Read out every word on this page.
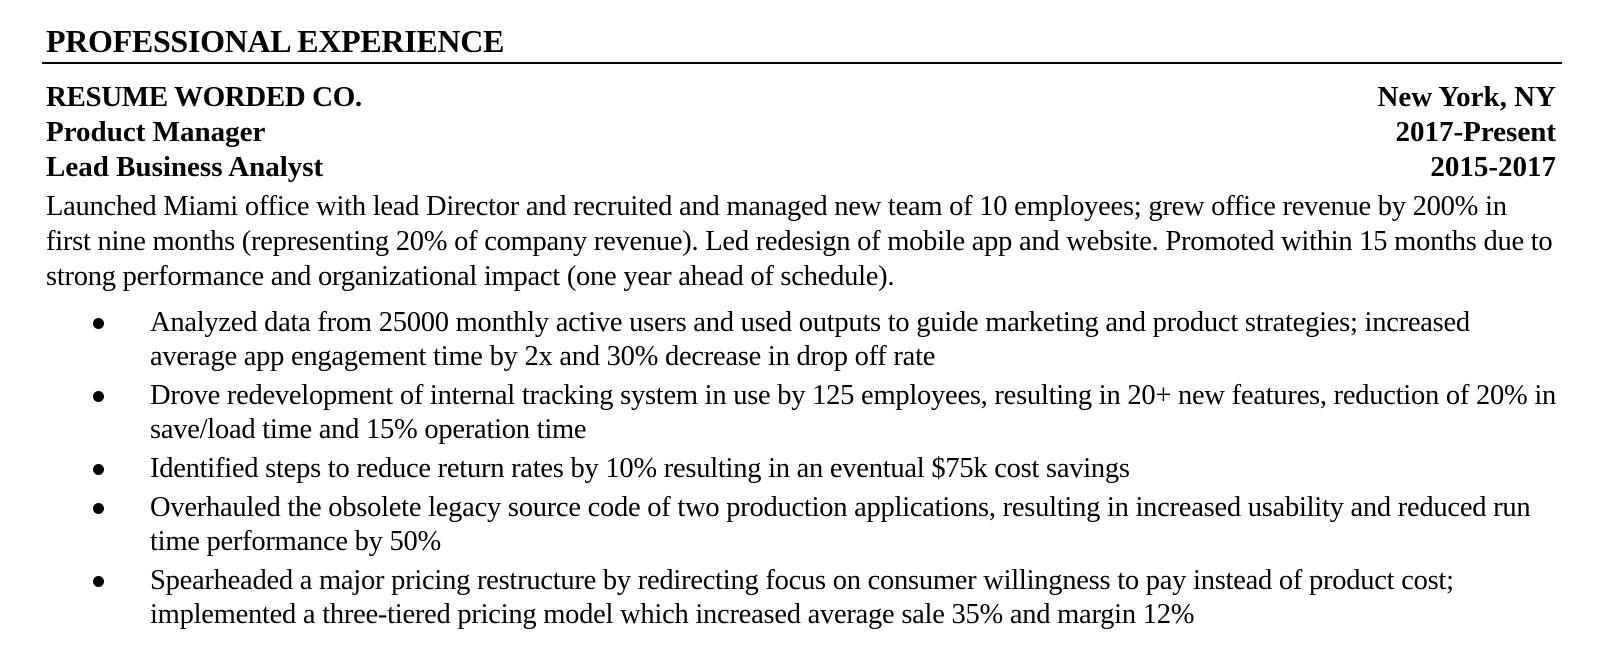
PROFESSIONAL EXPERIENCE
RESUME WORDED CO.	New York, NY
Product Manager	2017-Present
Lead Business Analyst	2015-2017

Launched Miami office with lead Director and recruited and managed new team of 10 employees; grew office revenue by 200% in first nine months (representing 20% of company revenue). Led redesign of mobile app and website. Promoted within 15 months due to strong performance and organizational impact (one year ahead of schedule).

Analyzed data from 25000 monthly active users and used outputs to guide marketing and product strategies; increased average app engagement time by 2x and 30% decrease in drop off rate
Drove redevelopment of internal tracking system in use by 125 employees, resulting in 20+ new features, reduction of 20% in save/load time and 15% operation time
Identified steps to reduce return rates by 10% resulting in an eventual $75k cost savings
Overhauled the obsolete legacy source code of two production applications, resulting in increased usability and reduced run time performance by 50%
Spearheaded a major pricing restructure by redirecting focus on consumer willingness to pay instead of product cost; implemented a three-tiered pricing model which increased average sale 35% and margin 12%
